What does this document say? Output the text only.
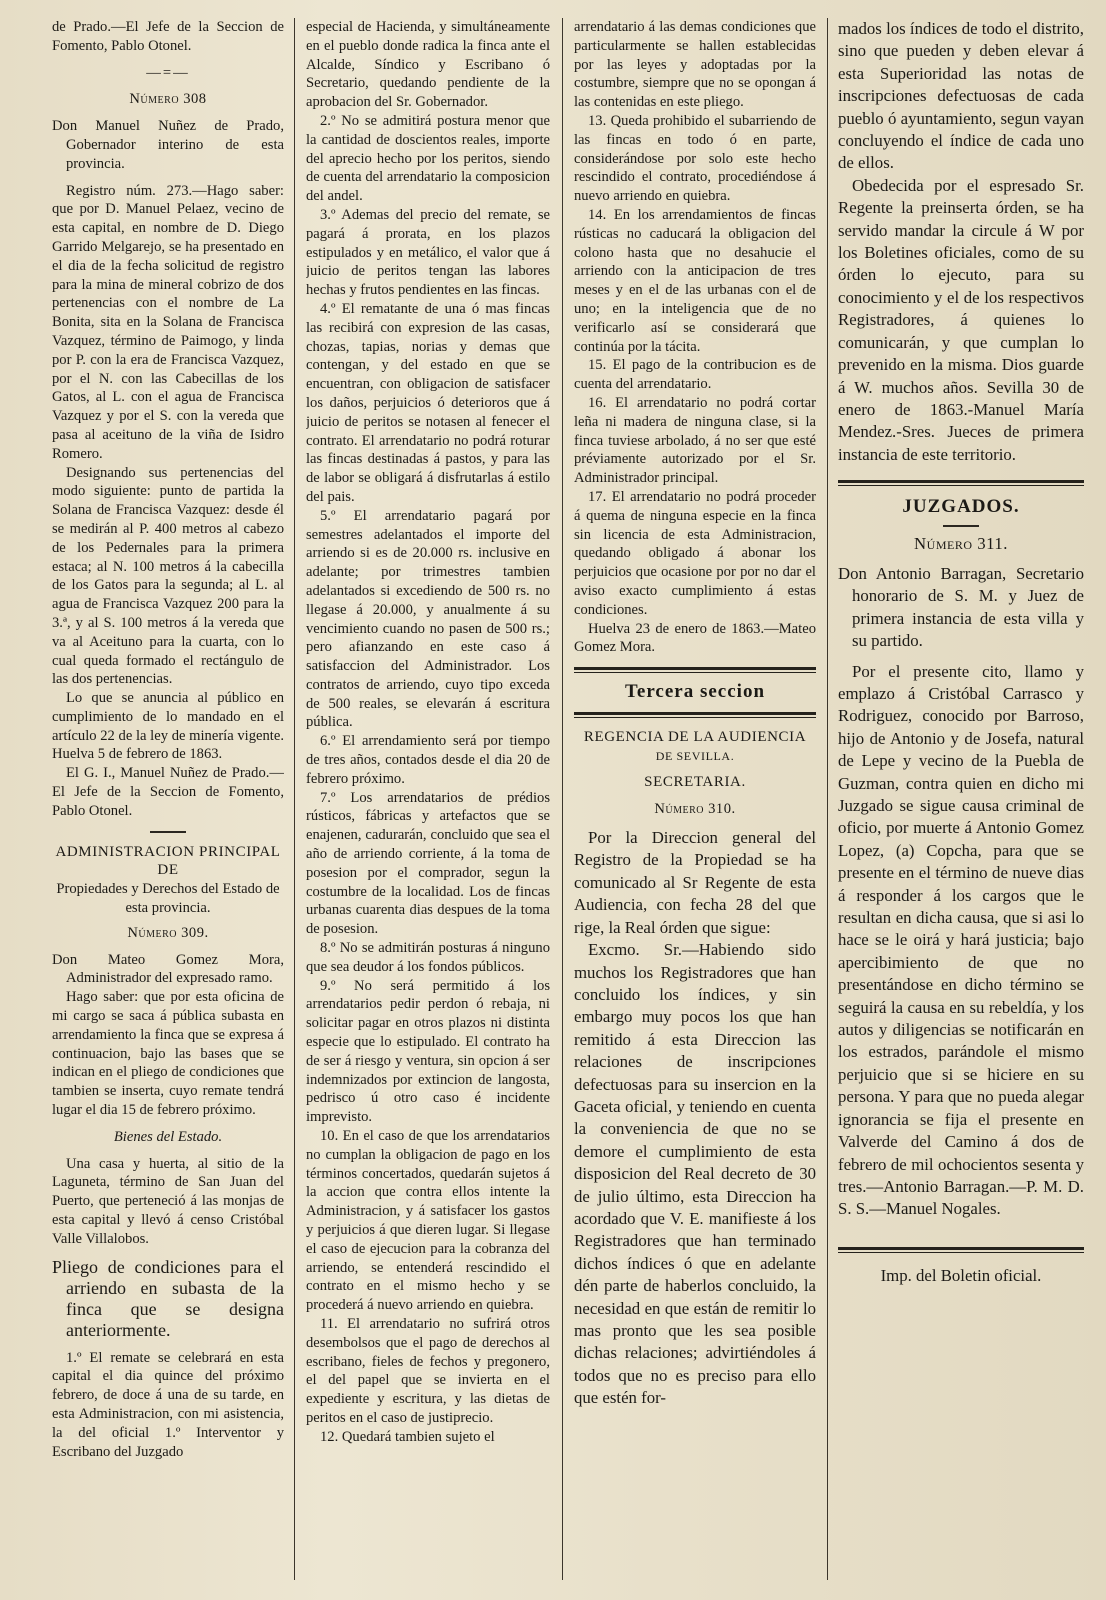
de Prado.—El Jefe de la Seccion de Fomento, Pablo Otonel.

—=—

Número 308

Don Manuel Nuñez de Prado, Gobernador interino de esta provincia.

Registro núm. 273.—Hago saber: que por D. Manuel Pelaez, vecino de esta capital, en nombre de D. Diego Garrido Melgarejo, se ha presentado en el dia de la fecha solicitud de registro para la mina de mineral cobrizo de dos pertenencias con el nombre de La Bonita, sita en la Solana de Francisca Vazquez, término de Paimogo, y linda por P. con la era de Francisca Vazquez, por el N. con las Cabecillas de los Gatos, al L. con el agua de Francisca Vazquez y por el S. con la vereda que pasa al aceituno de la viña de Isidro Romero.

Designando sus pertenencias del modo siguiente: punto de partida la Solana de Francisca Vazquez: desde él se medirán al P. 400 metros al cabezo de los Pedernales para la primera estaca; al N. 100 metros á la cabecilla de los Gatos para la segunda; al L. al agua de Francisca Vazquez 200 para la 3.ª, y al S. 100 metros á la vereda que va al Aceituno para la cuarta, con lo cual queda formado el rectángulo de las dos pertenencias.

Lo que se anuncia al público en cumplimiento de lo mandado en el artículo 22 de la ley de minería vigente. Huelva 5 de febrero de 1863.

El G. I., Manuel Nuñez de Prado.—El Jefe de la Seccion de Fomento, Pablo Otonel.

ADMINISTRACION PRINCIPAL DE

Propiedades y Derechos del Estado de esta provincia.

Número 309.

Don Mateo Gomez Mora, Administrador del expresado ramo.

Hago saber: que por esta oficina de mi cargo se saca á pública subasta en arrendamiento la finca que se expresa á continuacion, bajo las bases que se indican en el pliego de condiciones que tambien se inserta, cuyo remate tendrá lugar el dia 15 de febrero próximo.

Bienes del Estado.

Una casa y huerta, al sitio de la Laguneta, término de San Juan del Puerto, que perteneció á las monjas de esta capital y llevó á censo Cristóbal Valle Villalobos.

Pliego de condiciones para el arriendo en subasta de la finca que se designa anteriormente.

1.º El remate se celebrará en esta capital el dia quince del próximo febrero, de doce á una de su tarde, en esta Administracion, con mi asistencia, la del oficial 1.º Interventor y Escribano del Juzgado

especial de Hacienda, y simultáneamente en el pueblo donde radica la finca ante el Alcalde, Síndico y Escribano ó Secretario, quedando pendiente de la aprobacion del Sr. Gobernador.

2.º No se admitirá postura menor que la cantidad de doscientos reales, importe del aprecio hecho por los peritos, siendo de cuenta del arrendatario la composicion del andel.

3.º Ademas del precio del remate, se pagará á prorata, en los plazos estipulados y en metálico, el valor que á juicio de peritos tengan las labores hechas y frutos pendientes en las fincas.

4.º El rematante de una ó mas fincas las recibirá con expresion de las casas, chozas, tapias, norias y demas que contengan, y del estado en que se encuentran, con obligacion de satisfacer los daños, perjuicios ó deterioros que á juicio de peritos se notasen al fenecer el contrato. El arrendatario no podrá roturar las fincas destinadas á pastos, y para las de labor se obligará á disfrutarlas á estilo del pais.

5.º El arrendatario pagará por semestres adelantados el importe del arriendo si es de 20.000 rs. inclusive en adelante; por trimestres tambien adelantados si excediendo de 500 rs. no llegase á 20.000, y anualmente á su vencimiento cuando no pasen de 500 rs.; pero afianzando en este caso á satisfaccion del Administrador. Los contratos de arriendo, cuyo tipo exceda de 500 reales, se elevarán á escritura pública.

6.º El arrendamiento será por tiempo de tres años, contados desde el dia 20 de febrero próximo.

7.º Los arrendatarios de prédios rústicos, fábricas y artefactos que se enajenen, cadurarán, concluido que sea el año de arriendo corriente, á la toma de posesion por el comprador, segun la costumbre de la localidad. Los de fincas urbanas cuarenta dias despues de la toma de posesion.

8.º No se admitirán posturas á ninguno que sea deudor á los fondos públicos.

9.º No será permitido á los arrendatarios pedir perdon ó rebaja, ni solicitar pagar en otros plazos ni distinta especie que lo estipulado. El contrato ha de ser á riesgo y ventura, sin opcion á ser indemnizados por extincion de langosta, pedrisco ú otro caso é incidente imprevisto.

10. En el caso de que los arrendatarios no cumplan la obligacion de pago en los términos concertados, quedarán sujetos á la accion que contra ellos intente la Administracion, y á satisfacer los gastos y perjuicios á que dieren lugar. Si llegase el caso de ejecucion para la cobranza del arriendo, se entenderá rescindido el contrato en el mismo hecho y se procederá á nuevo arriendo en quiebra.

11. El arrendatario no sufrirá otros desembolsos que el pago de derechos al escribano, fieles de fechos y pregonero, el del papel que se invierta en el expediente y escritura, y las dietas de peritos en el caso de justiprecio.

12. Quedará tambien sujeto el

arrendatario á las demas condiciones que particularmente se hallen establecidas por las leyes y adoptadas por la costumbre, siempre que no se opongan á las contenidas en este pliego.

13. Queda prohibido el subarriendo de las fincas en todo ó en parte, considerándose por solo este hecho rescindido el contrato, procediéndose á nuevo arriendo en quiebra.

14. En los arrendamientos de fincas rústicas no caducará la obligacion del colono hasta que no desahucie el arriendo con la anticipacion de tres meses y en el de las urbanas con el de uno; en la inteligencia que de no verificarlo así se considerará que continúa por la tácita.

15. El pago de la contribucion es de cuenta del arrendatario.

16. El arrendatario no podrá cortar leña ni madera de ninguna clase, si la finca tuviese arbolado, á no ser que esté préviamente autorizado por el Sr. Administrador principal.

17. El arrendatario no podrá proceder á quema de ninguna especie en la finca sin licencia de esta Administracion, quedando obligado á abonar los perjuicios que ocasione por por no dar el aviso exacto cumplimiento á estas condiciones.

Huelva 23 de enero de 1863.—Mateo Gomez Mora.

Tercera seccion

REGENCIA DE LA AUDIENCIA

DE SEVILLA.

SECRETARIA.

Número 310.

Por la Direccion general del Registro de la Propiedad se ha comunicado al Sr Regente de esta Audiencia, con fecha 28 del que rige, la Real órden que sigue:

Excmo. Sr.—Habiendo sido muchos los Registradores que han concluido los índices, y sin embargo muy pocos los que han remitido á esta Direccion las relaciones de inscripciones defectuosas para su insercion en la Gaceta oficial, y teniendo en cuenta la conveniencia de que no se demore el cumplimiento de esta disposicion del Real decreto de 30 de julio último, esta Direccion ha acordado que V. E. manifieste á los Registradores que han terminado dichos índices ó que en adelante dén parte de haberlos concluido, la necesidad en que están de remitir lo mas pronto que les sea posible dichas relaciones; advirtiéndoles á todos que no es preciso para ello que estén for-

mados los índices de todo el distrito, sino que pueden y deben elevar á esta Superioridad las notas de inscripciones defectuosas de cada pueblo ó ayuntamiento, segun vayan concluyendo el índice de cada uno de ellos.

Obedecida por el espresado Sr. Regente la preinserta órden, se ha servido mandar la circule á W por los Boletines oficiales, como de su órden lo ejecuto, para su conocimiento y el de los respectivos Registradores, á quienes lo comunicarán, y que cumplan lo prevenido en la misma. Dios guarde á W. muchos años. Sevilla 30 de enero de 1863.-Manuel María Mendez.-Sres. Jueces de primera instancia de este territorio.

JUZGADOS.

Número 311.

Don Antonio Barragan, Secretario honorario de S. M. y Juez de primera instancia de esta villa y su partido.

Por el presente cito, llamo y emplazo á Cristóbal Carrasco y Rodriguez, conocido por Barroso, hijo de Antonio y de Josefa, natural de Lepe y vecino de la Puebla de Guzman, contra quien en dicho mi Juzgado se sigue causa criminal de oficio, por muerte á Antonio Gomez Lopez, (a) Copcha, para que se presente en el término de nueve dias á responder á los cargos que le resultan en dicha causa, que si asi lo hace se le oirá y hará justicia; bajo apercibimiento de que no presentándose en dicho término se seguirá la causa en su rebeldía, y los autos y diligencias se notificarán en los estrados, parándole el mismo perjuicio que si se hiciere en su persona. Y para que no pueda alegar ignorancia se fija el presente en Valverde del Camino á dos de febrero de mil ochocientos sesenta y tres.—Antonio Barragan.—P. M. D. S. S.—Manuel Nogales.

Imp. del Boletin oficial.
